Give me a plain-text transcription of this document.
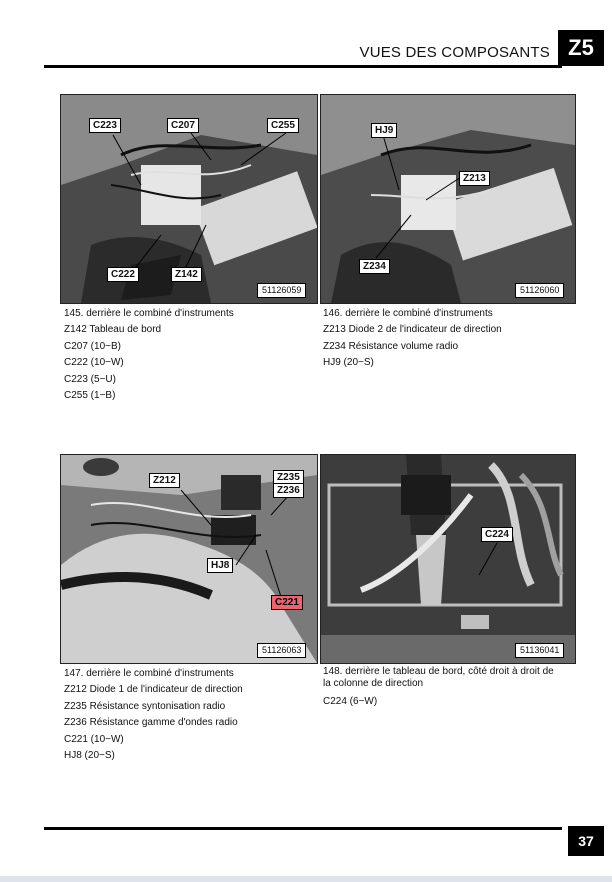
VUES DES COMPOSANTS Z5
C223	C207	C255
C222	Z142
51126059
145. derrière le combiné d'instruments
Z142 Tableau de bord
C207 (10−B)
C222 (10−W)
C223 (5−U)
C255 (1−B)
HJ9
Z213
Z234
51126060
146. derrière le combiné d'instruments
Z213 Diode 2 de l'indicateur de direction
Z234 Résistance volume radio
HJ9 (20−S)
Z212	Z235
Z236
HJ8
C221
51126063
147. derrière le combiné d'instruments
Z212 Diode 1 de l'indicateur de direction
Z235 Résistance syntonisation radio
Z236 Résistance gamme d'ondes radio
C221 (10−W)
HJ8 (20−S)
C224
51136041
148. derrière le tableau de bord, côté droit à droit de la colonne de direction
C224 (6−W)
37
